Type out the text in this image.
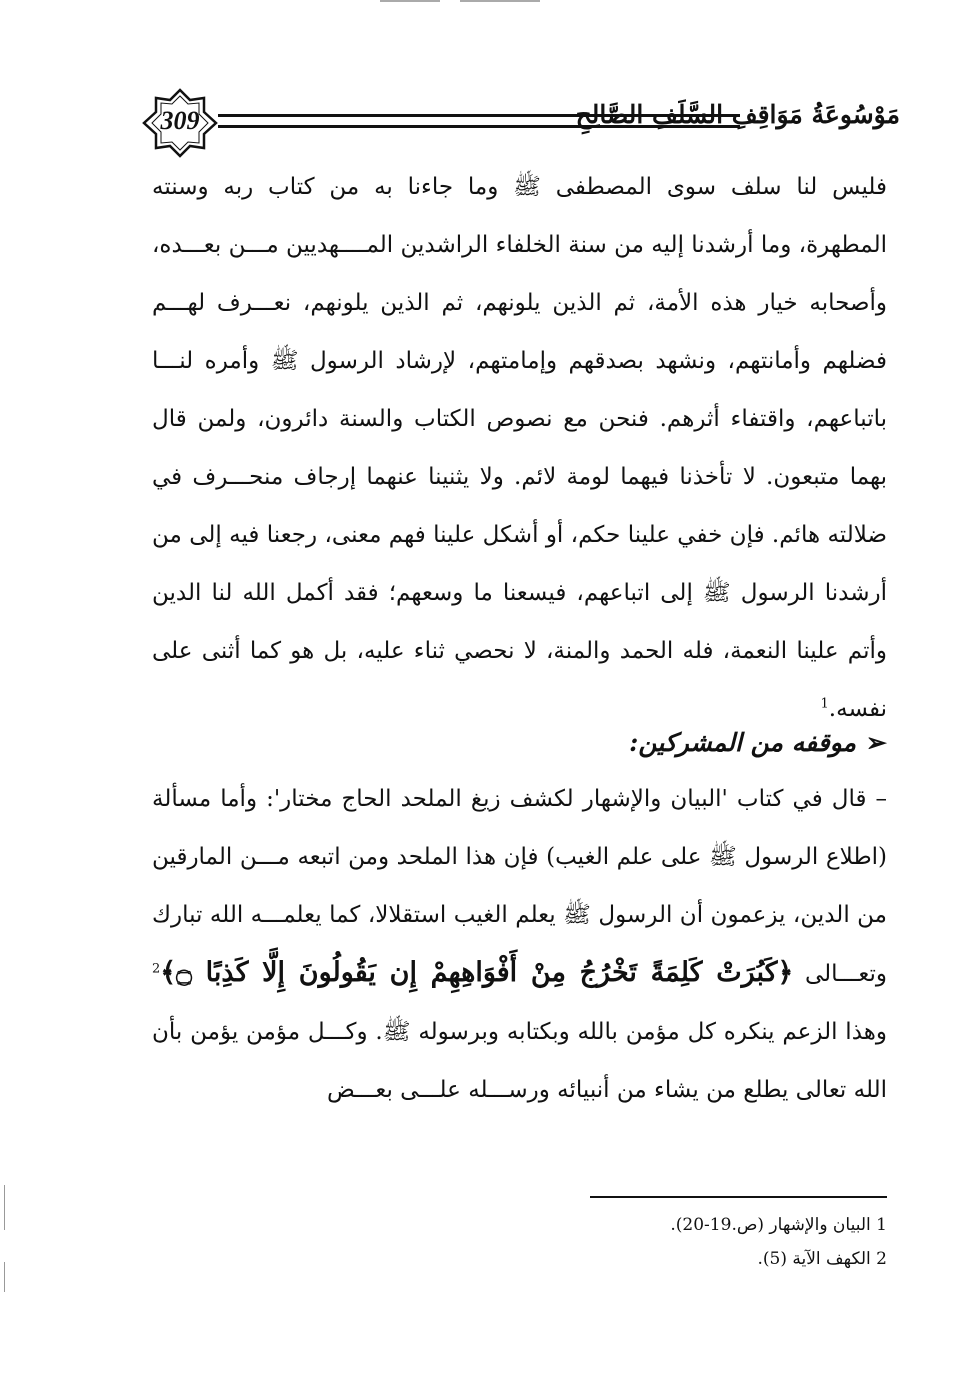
309	مَوْسُوعَةُ مَوَاقِفِ السَّلَفِ الصَّالِحِ

فليس لنا سلف سوى المصطفى ﷺ وما جاءنا به من كتاب ربه وسنته المطهرة، وما أرشدنا إليه من سنة الخلفاء الراشدين المــــهديين مـــن بعـــده، وأصحابه خيار هذه الأمة، ثم الذين يلونهم، ثم الذين يلونهم، نعـــرف لهـــم فضلهم وأمانتهم، ونشهد بصدقهم وإمامتهم، لإرشاد الرسول ﷺ وأمره لنـــا باتباعهم، واقتفاء أثرهم. فنحن مع نصوص الكتاب والسنة دائرون، ولمن قال بهما متبعون. لا تأخذنا فيهما لومة لائم. ولا يثنينا عنهما إرجاف منحـــرف في ضلالته هائم. فإن خفي علينا حكم، أو أشكل علينا فهم معنى، رجعنا فيه إلى من أرشدنا الرسول ﷺ إلى اتباعهم، فيسعنا ما وسعهم؛ فقد أكمل الله لنا الدين وأتم علينا النعمة، فله الحمد والمنة، لا نحصي ثناء عليه، بل هو كما أثنى على نفسه.$^1$

➢موقفه من المشركين:
– قال في كتاب 'البيان والإشهار لكشف زيغ الملحد الحاج مختار': وأما مسألة (اطلاع الرسول ﷺ على علم الغيب) فإن هذا الملحد ومن اتبعه مـــن المارقين من الدين، يزعمون أن الرسول ﷺ يعلم الغيب استقلالا، كما يعلمـــه الله تبارك وتعـــالى ﴿كَبُرَتْ كَلِمَةً تَخْرُجُ مِنْ أَفْوَاهِهِمْ إِن يَقُولُونَ إِلَّا كَذِبًا ۝﴾$^2$ وهذا الزعم ينكره كل مؤمن بالله وبكتابه وبرسوله ﷺ. وكـــل مؤمن يؤمن بأن الله تعالى يطلع من يشاء من أنبيائه ورســـله علـــى بعـــض
1 البيان والإشهار (ص.19-20).
2 الكهف الآية (5).
